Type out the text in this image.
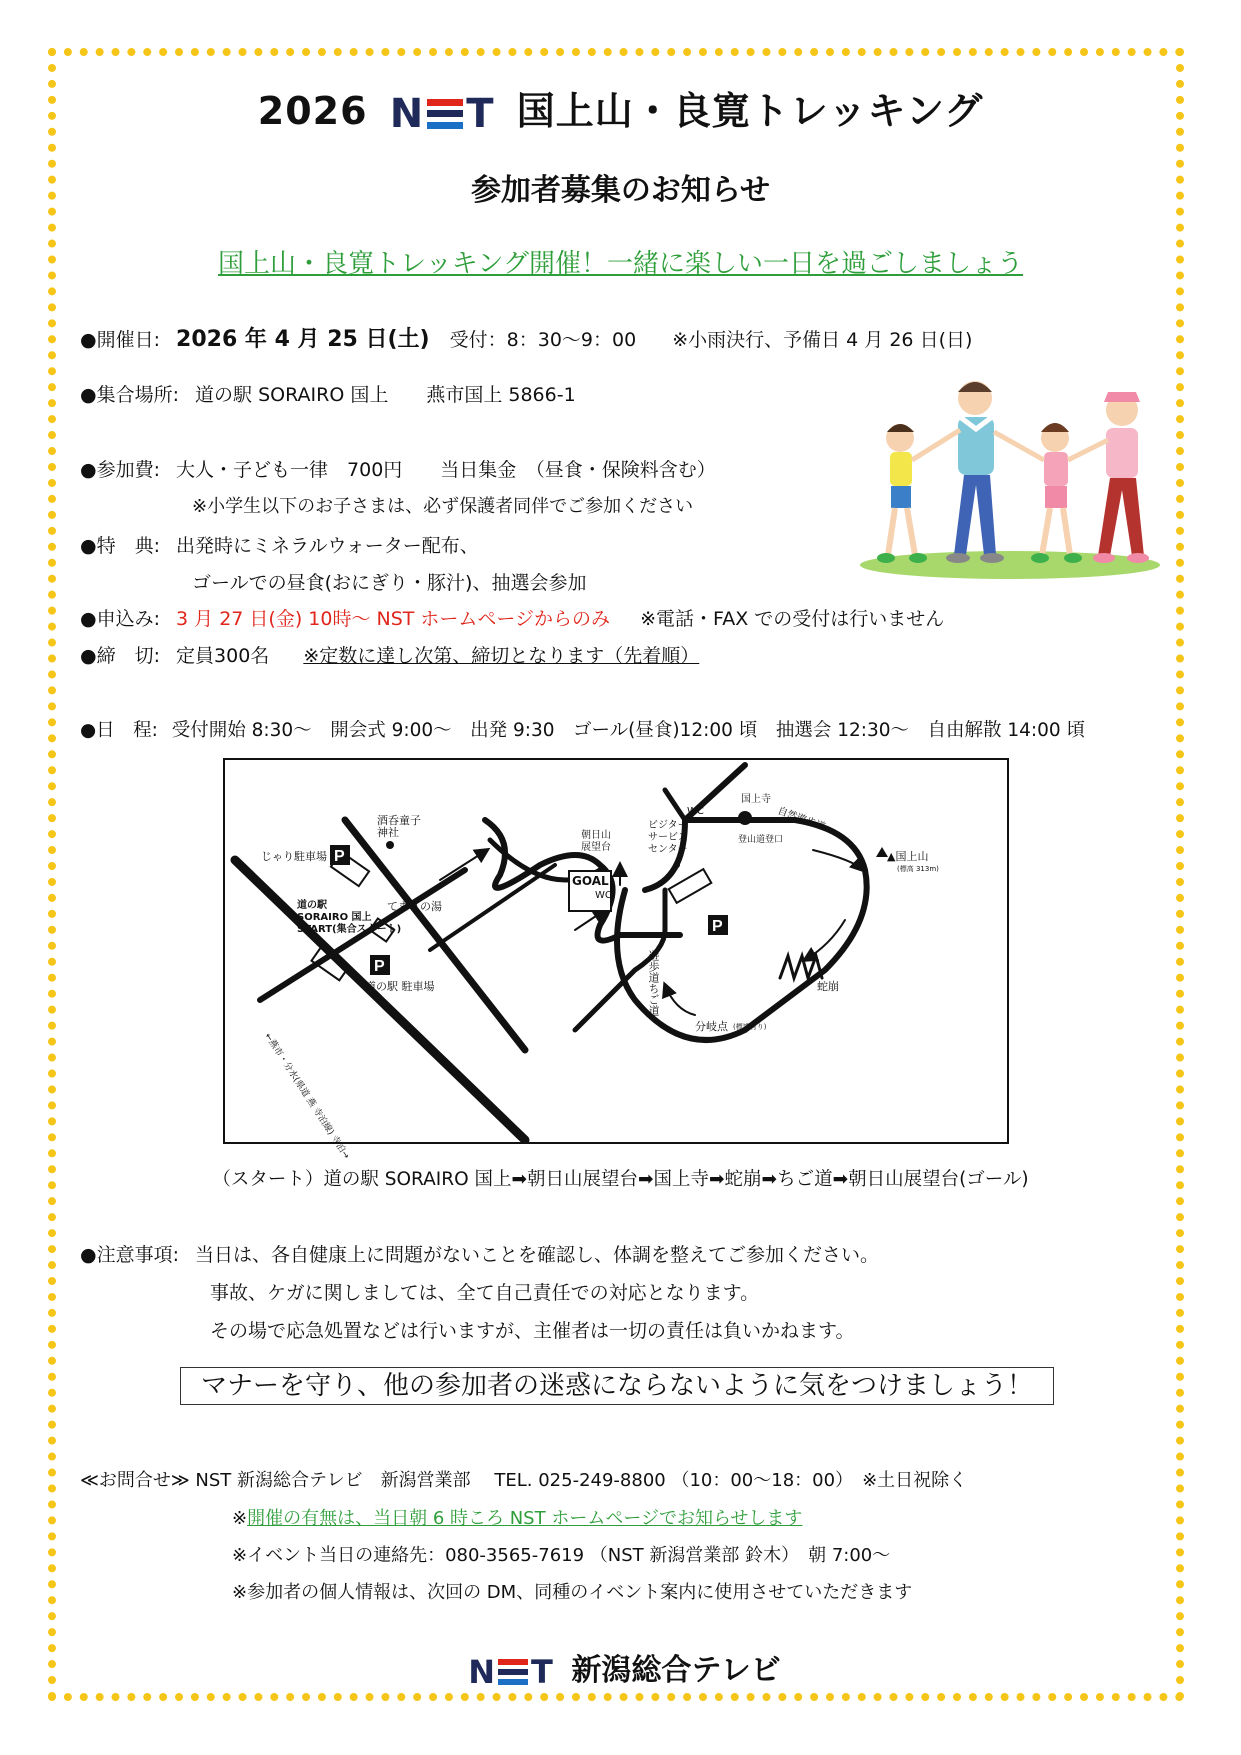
2026 N T 国上山・良寛トレッキング
参加者募集のお知らせ
国上山・良寛トレッキング開催！一緒に楽しい一日を過ごしましょう
●開催日: 2026 年 4 月 25 日(土) 受付：8：30～9：00 ※小雨決行、予備日 4 月 26 日(日)
●集合場所: 道の駅 SORAIRO 国上　　燕市国上 5866-1
●参加費: 大人・子ども一律　700円　　当日集金　（昼食・保険料含む）
※小学生以下のお子さまは、必ず保護者同伴でご参加ください
●特　典: 出発時にミネラルウォーター配布、
ゴールでの昼食(おにぎり・豚汁)、抽選会参加
●申込み: 3 月 27 日(金) 10時～ NST ホームページからのみ ※電話・FAX での受付は行いません
●締　切: 定員300名 ※定数に達し次第、締切となります（先着順）
●日　程: 受付開始 8:30～　開会式 9:00～　出発 9:30　ゴール(昼食)12:00 頃　抽選会 12:30～　自由解散 14:00 頃
P
P
P
酒呑童子
神社
じゃり駐車場
道の駅
SORAIRO 国上
START(集合スタート)
てまりの湯
道の駅 駐車場
←燕市・分水(県道 燕 寺泊線) 寺泊→
朝日山
展望台
GOAL
WC
WC
ビジター
サービス
センター
国上寺
登山道登口
自然遊歩道
▲国上山
(標高 313m)
蛇崩
遊歩道ちご道
分岐点 (標識有り)
（スタート）道の駅 SORAIRO 国上➡朝日山展望台➡国上寺➡蛇崩➡ちご道➡朝日山展望台(ゴール)
●注意事項: 当日は、各自健康上に問題がないことを確認し、体調を整えてご参加ください。
事故、ケガに関しましては、全て自己責任での対応となります。
その場で応急処置などは行いますが、主催者は一切の責任は負いかねます。
マナーを守り、他の参加者の迷惑にならないように気をつけましょう！
≪お問合せ≫ NST 新潟総合テレビ　新潟営業部　 TEL. 025-249-8800 （10：00～18：00）　※土日祝除く
※開催の有無は、当日朝 6 時ころ NST ホームページでお知らせします
※イベント当日の連絡先：080-3565-7619 （NST 新潟営業部 鈴木）　朝 7:00～
※参加者の個人情報は、次回の DM、同種のイベント案内に使用させていただきます
N T 新潟総合テレビ
